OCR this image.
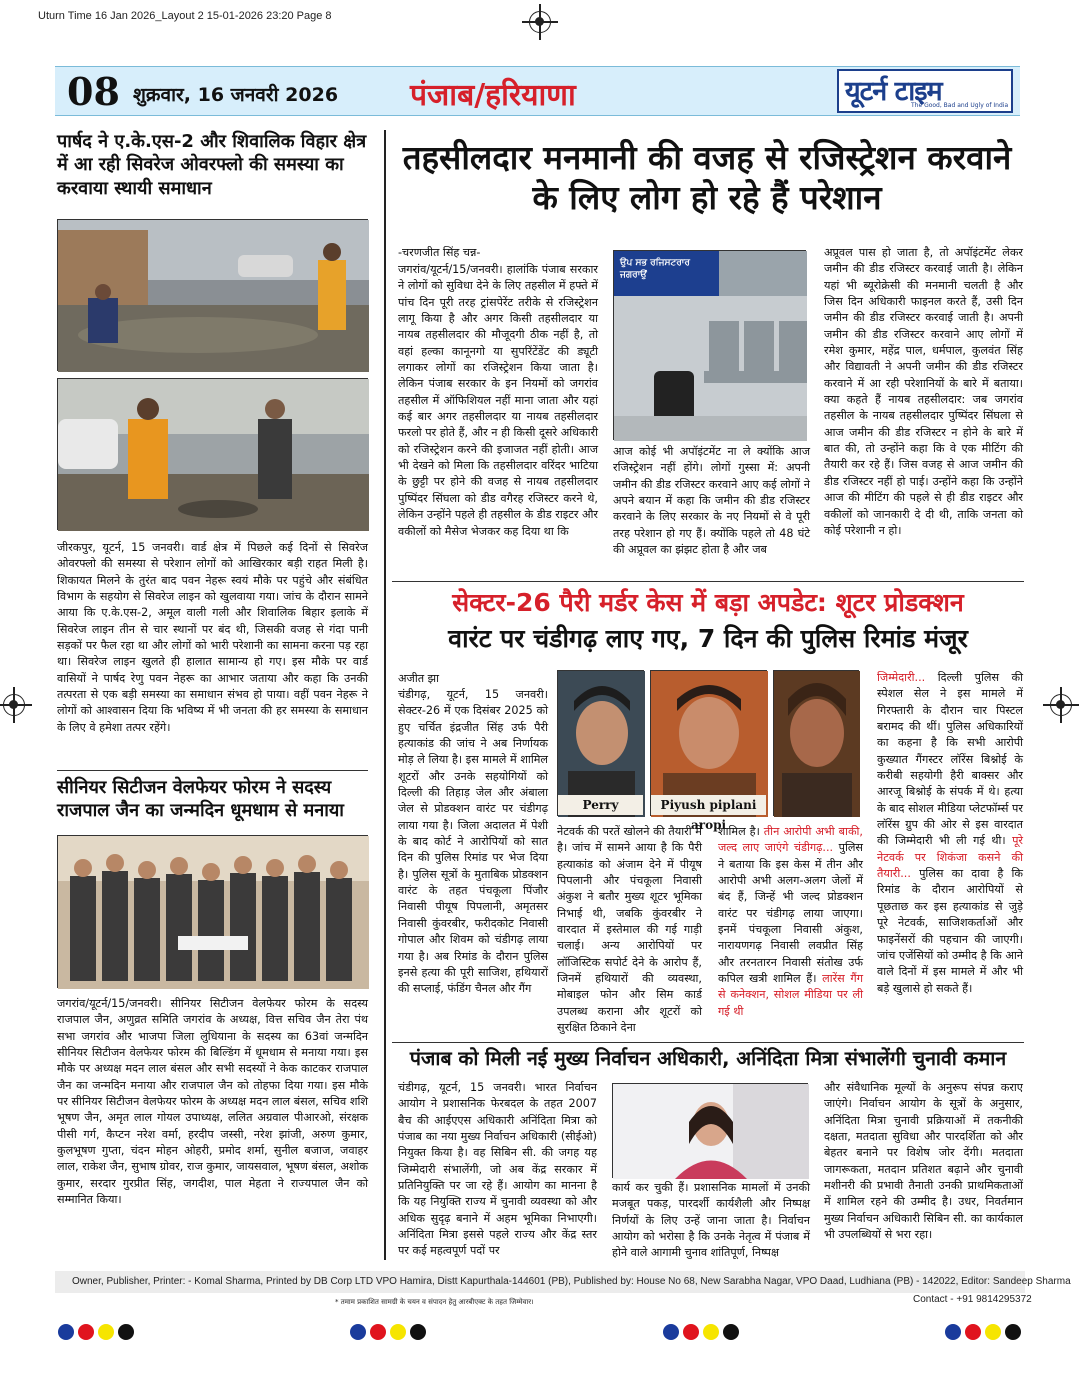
Uturn Time 16 Jan 2026_Layout 2 15-01-2026 23:20 Page 8
08 शुक्रवार, 16 जनवरी 2026 पंजाब/हरियाणा	यूटर्न टाइम
The Good, Bad and Ugly of India
पार्षद ने ए.के.एस-2 और शिवालिक विहार क्षेत्र में आ रही सिवरेज ओवरफ्लो की समस्या का करवाया स्थायी समाधान
जीरकपुर, यूटर्न, 15 जनवरी। वार्ड क्षेत्र में पिछले कई दिनों से सिवरेज ओवरफ्लो की समस्या से परेशान लोगों को आखिरकार बड़ी राहत मिली है। शिकायत मिलने के तुरंत बाद पवन नेहरू स्वयं मौके पर पहुंचे और संबंधित विभाग के सहयोग से सिवरेज लाइन को खुलवाया गया। जांच के दौरान सामने आया कि ए.के.एस-2, अमूल वाली गली और शिवालिक बिहार इलाके में सिवरेज लाइन तीन से चार स्थानों पर बंद थी, जिसकी वजह से गंदा पानी सड़कों पर फैल रहा था और लोगों को भारी परेशानी का सामना करना पड़ रहा था। सिवरेज लाइन खुलते ही हालात सामान्य हो गए। इस मौके पर वार्ड वासियों ने पार्षद रेणु पवन नेहरू का आभार जताया और कहा कि उनकी तत्परता से एक बड़ी समस्या का समाधान संभव हो पाया। वहीं पवन नेहरू ने लोगों को आश्वासन दिया कि भविष्य में भी जनता की हर समस्या के समाधान के लिए वे हमेशा तत्पर रहेंगे।
सीनियर सिटीजन वेलफेयर फोरम ने सदस्य राजपाल जैन का जन्मदिन धूमधाम से मनाया
जगरांव/यूटर्न/15/जनवरी। सीनियर सिटीजन वेलफेयर फोरम के सदस्य राजपाल जैन, अणुव्रत समिति जगरांव के अध्यक्ष, वित्त सचिव जैन तेरा पंथ सभा जगरांव और भाजपा जिला लुधियाना के सदस्य का 63वां जन्मदिन सीनियर सिटीजन वेलफेयर फोरम की बिल्डिंग में धूमधाम से मनाया गया। इस मौके पर अध्यक्ष मदन लाल बंसल और सभी सदस्यों ने केक काटकर राजपाल जैन का जन्मदिन मनाया और राजपाल जैन को तोहफा दिया गया। इस मौके पर सीनियर सिटीजन वेलफेयर फोरम के अध्यक्ष मदन लाल बंसल, सचिव शशि भूषण जैन, अमृत लाल गोयल उपाध्यक्ष, ललित अग्रवाल पीआरओ, संरक्षक पीसी गर्ग, कैप्टन नरेश वर्मा, हरदीप जस्सी, नरेश झांजी, अरुण कुमार, कुलभूषण गुप्ता, चंदन मोहन ओहरी, प्रमोद शर्मा, सुनील बजाज, जवाहर लाल, राकेश जैन, सुभाष ग्रोवर, राज कुमार, जायसवाल, भूषण बंसल, अशोक कुमार, सरदार गुरप्रीत सिंह, जगदीश, पाल मेहता ने राज्यपाल जैन को सम्मानित किया।
तहसीलदार मनमानी की वजह से रजिस्ट्रेशन करवाने के लिए लोग हो रहे हैं परेशान
-चरणजीत सिंह चन्न-
जगरांव/यूटर्न/15/जनवरी। हालांकि पंजाब सरकार ने लोगों को सुविधा देने के लिए तहसील में हफ्ते में पांच दिन पूरी तरह ट्रांसपेरेंट तरीके से रजिस्ट्रेशन लागू किया है और अगर किसी तहसीलदार या नायब तहसीलदार की मौजूदगी ठीक नहीं है, तो वहां हल्का कानूनगो या सुपरिंटेंडेंट की ड्यूटी लगाकर लोगों का रजिस्ट्रेशन किया जाता है। लेकिन पंजाब सरकार के इन नियमों को जगरांव तहसील में ऑफिशियल नहीं माना जाता और यहां कई बार अगर तहसीलदार या नायब तहसीलदार फरलो पर होते हैं, और न ही किसी दूसरे अधिकारी को रजिस्ट्रेशन करने की इजाजत नहीं होती। आज भी देखने को मिला कि तहसीलदार वरिंदर भाटिया के छुट्टी पर होने की वजह से नायब तहसीलदार पुष्पिंदर सिंघला को डीड वगैरह रजिस्टर करने थे, लेकिन उन्होंने पहले ही तहसील के डीड राइटर और वकीलों को मैसेज भेजकर कह दिया था कि
ਉਪ ਸਭ ਰਜਿਸਟਰਾਰ ਜਗਰਾਉਂ
आज कोई भी अपॉइंटमेंट ना ले क्योंकि आज रजिस्ट्रेशन नहीं होंगे। लोगों गुस्सा में: अपनी जमीन की डीड रजिस्टर करवाने आए कई लोगों ने अपने बयान में कहा कि जमीन की डीड रजिस्टर करवाने के लिए सरकार के नए नियमों से वे पूरी तरह परेशान हो गए हैं। क्योंकि पहले तो 48 घंटे की अप्रूवल का झंझट होता है और जब
अप्रूवल पास हो जाता है, तो अपॉइंटमेंट लेकर जमीन की डीड रजिस्टर करवाई जाती है। लेकिन यहां भी ब्यूरोक्रेसी की मनमानी चलती है और जिस दिन अधिकारी फाइनल करते हैं, उसी दिन जमीन की डीड रजिस्टर करवाई जाती है। अपनी जमीन की डीड रजिस्टर करवाने आए लोगों में रमेश कुमार, महेंद्र पाल, धर्मपाल, कुलवंत सिंह और विद्यावती ने अपनी जमीन की डीड रजिस्टर करवाने में आ रही परेशानियों के बारे में बताया। क्या कहते हैं नायब तहसीलदार: जब जगरांव तहसील के नायब तहसीलदार पुष्पिंदर सिंघला से आज जमीन की डीड रजिस्टर न होने के बारे में बात की, तो उन्होंने कहा कि वे एक मीटिंग की तैयारी कर रहे हैं। जिस वजह से आज जमीन की डीड रजिस्टर नहीं हो पाई। उन्होंने कहा कि उन्होंने आज की मीटिंग की पहले से ही डीड राइटर और वकीलों को जानकारी दे दी थी, ताकि जनता को कोई परेशानी न हो।
सेक्टर-26 पैरी मर्डर केस में बड़ा अपडेट: शूटर प्रोडक्शन
वारंट पर चंडीगढ़ लाए गए, 7 दिन की पुलिस रिमांड मंजूर
अजीत झा
चंडीगढ़, यूटर्न, 15 जनवरी। सेक्टर-26 में एक दिसंबर 2025 को हुए चर्चित इंद्रजीत सिंह उर्फ पैरी हत्याकांड की जांच ने अब निर्णायक मोड़ ले लिया है। इस मामले में शामिल शूटरों और उनके सहयोगियों को दिल्ली की तिहाड़ जेल और अंबाला जेल से प्रोडक्शन वारंट पर चंडीगढ़ लाया गया है। जिला अदालत में पेशी के बाद कोर्ट ने आरोपियों को सात दिन की पुलिस रिमांड पर भेज दिया है। पुलिस सूत्रों के मुताबिक प्रोडक्शन वारंट के तहत पंचकूला पिंजौर निवासी पीयूष पिपलानी, अमृतसर निवासी कुंवरबीर, फरीदकोट निवासी गोपाल और शिवम को चंडीगढ़ लाया गया है। अब रिमांड के दौरान पुलिस इनसे हत्या की पूरी साजिश, हथियारों की सप्लाई, फंडिंग चैनल और गैंग
Perry	Piyush piplani aropi
नेटवर्क की परतें खोलने की तैयारी में है। जांच में सामने आया है कि पैरी हत्याकांड को अंजाम देने में पीयूष पिपलानी और पंचकूला निवासी अंकुश ने बतौर मुख्य शूटर भूमिका निभाई थी, जबकि कुंवरबीर ने वारदात में इस्तेमाल की गई गाड़ी चलाई। अन्य आरोपियों पर लॉजिस्टिक सपोर्ट देने के आरोप हैं, जिनमें हथियारों की व्यवस्था, मोबाइल फोन और सिम कार्ड उपलब्ध कराना और शूटरों को सुरक्षित ठिकाने देना
शामिल है। तीन आरोपी अभी बाकी, जल्द लाए जाएंगे चंडीगढ़... पुलिस ने बताया कि इस केस में तीन और आरोपी अभी अलग-अलग जेलों में बंद हैं, जिन्हें भी जल्द प्रोडक्शन वारंट पर चंडीगढ़ लाया जाएगा। इनमें पंचकूला निवासी अंकुश, नारायणगढ़ निवासी लवप्रीत सिंह और तरनतारन निवासी संतोख उर्फ कपिल खत्री शामिल हैं। लारेंस गैंग से कनेक्शन, सोशल मीडिया पर ली गई थी
जिम्मेदारी... दिल्ली पुलिस की स्पेशल सेल ने इस मामले में गिरफ्तारी के दौरान चार पिस्टल बरामद की थीं। पुलिस अधिकारियों का कहना है कि सभी आरोपी कुख्यात गैंगस्टर लॉरेंस बिश्नोई के करीबी सहयोगी हैरी बाक्सर और आरजू बिश्नोई के संपर्क में थे। हत्या के बाद सोशल मीडिया प्लेटफॉर्म्स पर लॉरेंस ग्रुप की ओर से इस वारदात की जिम्मेदारी भी ली गई थी। पूरे नेटवर्क पर शिकंजा कसने की तैयारी... पुलिस का दावा है कि रिमांड के दौरान आरोपियों से पूछताछ कर इस हत्याकांड से जुड़े पूरे नेटवर्क, साजिशकर्ताओं और फाइनेंसरों की पहचान की जाएगी। जांच एजेंसियों को उम्मीद है कि आने वाले दिनों में इस मामले में और भी बड़े खुलासे हो सकते हैं।
पंजाब को मिली नई मुख्य निर्वाचन अधिकारी, अनिंदिता मित्रा संभालेंगी चुनावी कमान
चंडीगढ़, यूटर्न, 15 जनवरी। भारत निर्वाचन आयोग ने प्रशासनिक फेरबदल के तहत 2007 बैच की आईएएस अधिकारी अनिंदिता मित्रा को पंजाब का नया मुख्य निर्वाचन अधिकारी (सीईओ) नियुक्त किया है। वह सिबिन सी. की जगह यह जिम्मेदारी संभालेंगी, जो अब केंद्र सरकार में प्रतिनियुक्ति पर जा रहे हैं। आयोग का मानना है कि यह नियुक्ति राज्य में चुनावी व्यवस्था को और अधिक सुदृढ़ बनाने में अहम भूमिका निभाएगी। अनिंदिता मित्रा इससे पहले राज्य और केंद्र स्तर पर कई महत्वपूर्ण पदों पर
कार्य कर चुकी हैं। प्रशासनिक मामलों में उनकी मजबूत पकड़, पारदर्शी कार्यशैली और निष्पक्ष निर्णयों के लिए उन्हें जाना जाता है। निर्वाचन आयोग को भरोसा है कि उनके नेतृत्व में पंजाब में होने वाले आगामी चुनाव शांतिपूर्ण, निष्पक्ष
और संवैधानिक मूल्यों के अनुरूप संपन्न कराए जाएंगे। निर्वाचन आयोग के सूत्रों के अनुसार, अनिंदिता मित्रा चुनावी प्रक्रियाओं में तकनीकी दक्षता, मतदाता सुविधा और पारदर्शिता को और बेहतर बनाने पर विशेष जोर देंगी। मतदाता जागरूकता, मतदान प्रतिशत बढ़ाने और चुनावी मशीनरी की प्रभावी तैनाती उनकी प्राथमिकताओं में शामिल रहने की उम्मीद है। उधर, निवर्तमान मुख्य निर्वाचन अधिकारी सिबिन सी. का कार्यकाल भी उपलब्धियों से भरा रहा।
Owner, Publisher, Printer: - Komal Sharma, Printed by DB Corp LTD VPO Hamira, Distt Kapurthala-144601 (PB), Published by: House No 68, New Sarabha Nagar, VPO Daad, Ludhiana (PB) - 142022, Editor: Sandeep Sharma
* तमाम प्रकाशित सामग्री के चयन व संपादन हेतु आरबीएक्ट के तहत जिम्मेवार।	Contact - +91 9814295372
